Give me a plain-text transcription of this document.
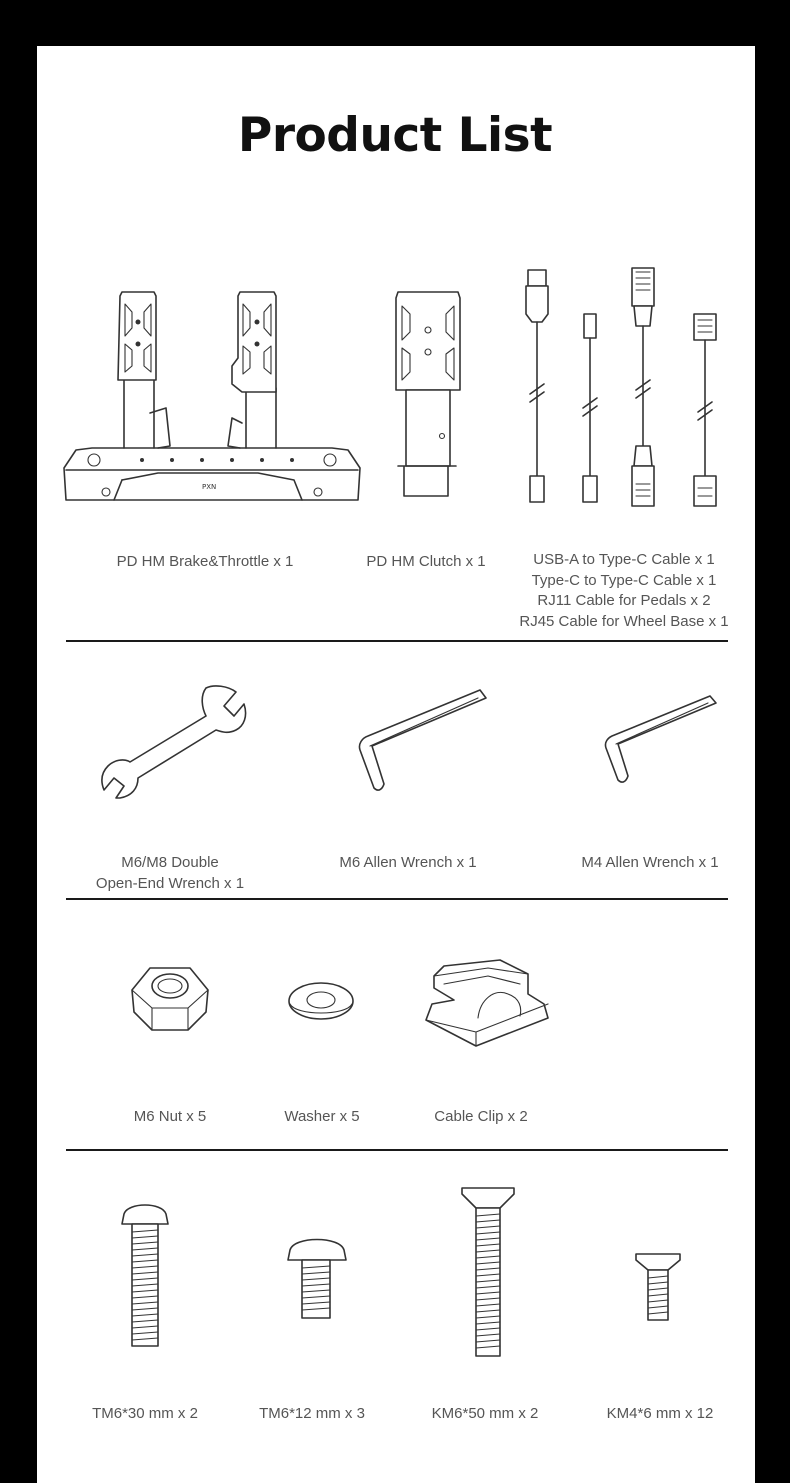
Product List
PXN
PD HM Brake&Throttle x 1	PD HM Clutch x 1	USB-A to Type-C Cable x 1
Type-C to Type-C Cable x 1
RJ11 Cable for Pedals x 2
RJ45 Cable for Wheel Base x 1
M6/M8 Double
Open-End Wrench x 1
M6 Allen Wrench x 1	M4 Allen Wrench x 1
M6 Nut x 5	Washer x 5	Cable Clip x 2
TM6*30 mm x 2	TM6*12 mm x 3	KM6*50 mm x 2	KM4*6 mm x 12
